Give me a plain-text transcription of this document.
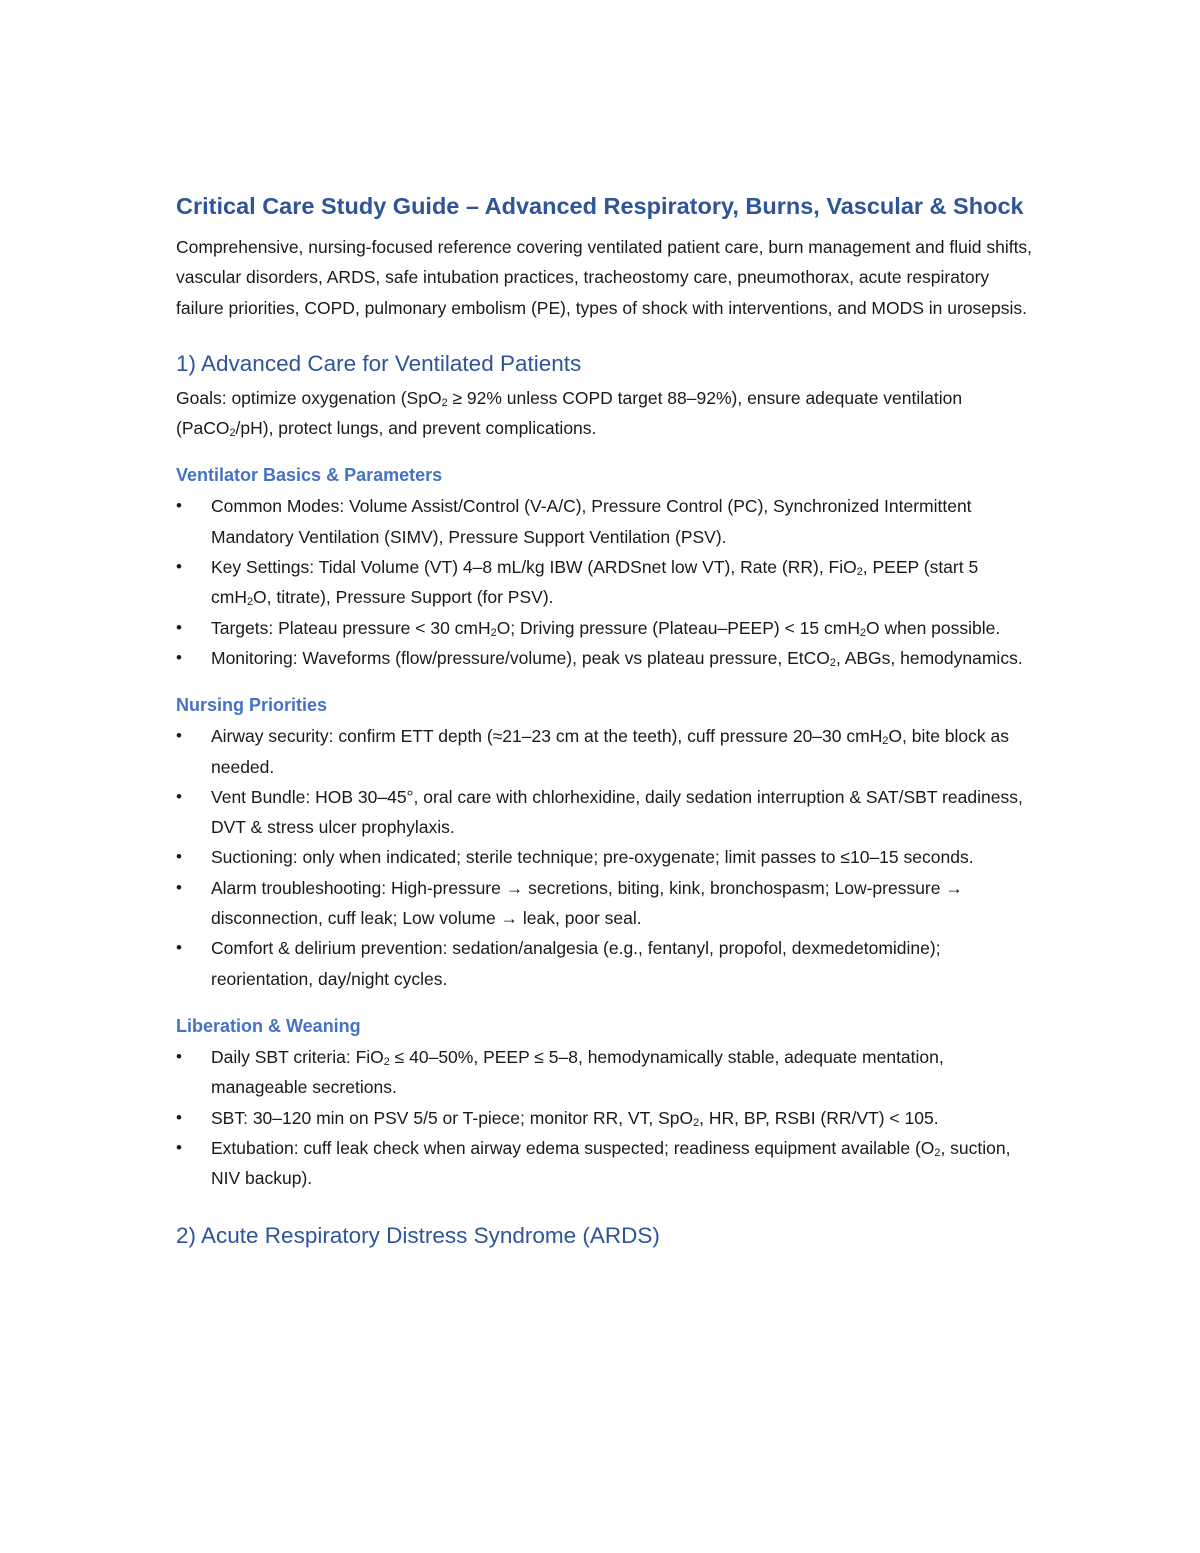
Critical Care Study Guide – Advanced Respiratory, Burns, Vascular & Shock

Comprehensive, nursing-focused reference covering ventilated patient care, burn management and fluid shifts, vascular disorders, ARDS, safe intubation practices, tracheostomy care, pneumothorax, acute respiratory failure priorities, COPD, pulmonary embolism (PE), types of shock with interventions, and MODS in urosepsis.

1) Advanced Care for Ventilated Patients

Goals: optimize oxygenation (SpO$_2$ ≥ 92% unless COPD target 88–92%), ensure adequate ventilation (PaCO$_2$/pH), protect lungs, and prevent complications.

Ventilator Basics & Parameters
• Common Modes: Volume Assist/Control (V-A/C), Pressure Control (PC), Synchronized Intermittent Mandatory Ventilation (SIMV), Pressure Support Ventilation (PSV).
• Key Settings: Tidal Volume (VT) 4–8 mL/kg IBW (ARDSnet low VT), Rate (RR), FiO$_2$, PEEP (start 5 cmH$_2$O, titrate), Pressure Support (for PSV).
• Targets: Plateau pressure < 30 cmH$_2$O; Driving pressure (Plateau–PEEP) < 15 cmH$_2$O when possible.
• Monitoring: Waveforms (flow/pressure/volume), peak vs plateau pressure, EtCO$_2$, ABGs, hemodynamics.
Nursing Priorities
• Airway security: confirm ETT depth (≈21–23 cm at the teeth), cuff pressure 20–30 cmH$_2$O, bite block as needed.
• Vent Bundle: HOB 30–45°, oral care with chlorhexidine, daily sedation interruption & SAT/SBT readiness, DVT & stress ulcer prophylaxis.
• Suctioning: only when indicated; sterile technique; pre-oxygenate; limit passes to ≤10–15 seconds.
• Alarm troubleshooting: High-pressure → secretions, biting, kink, bronchospasm; Low-pressure → disconnection, cuff leak; Low volume → leak, poor seal.
• Comfort & delirium prevention: sedation/analgesia (e.g., fentanyl, propofol, dexmedetomidine); reorientation, day/night cycles.
Liberation & Weaning
• Daily SBT criteria: FiO$_2$ ≤ 40–50%, PEEP ≤ 5–8, hemodynamically stable, adequate mentation, manageable secretions.
• SBT: 30–120 min on PSV 5/5 or T-piece; monitor RR, VT, SpO$_2$, HR, BP, RSBI (RR/VT) < 105.
• Extubation: cuff leak check when airway edema suspected; readiness equipment available ($O_2$, suction, NIV backup).
2) Acute Respiratory Distress Syndrome (ARDS)
